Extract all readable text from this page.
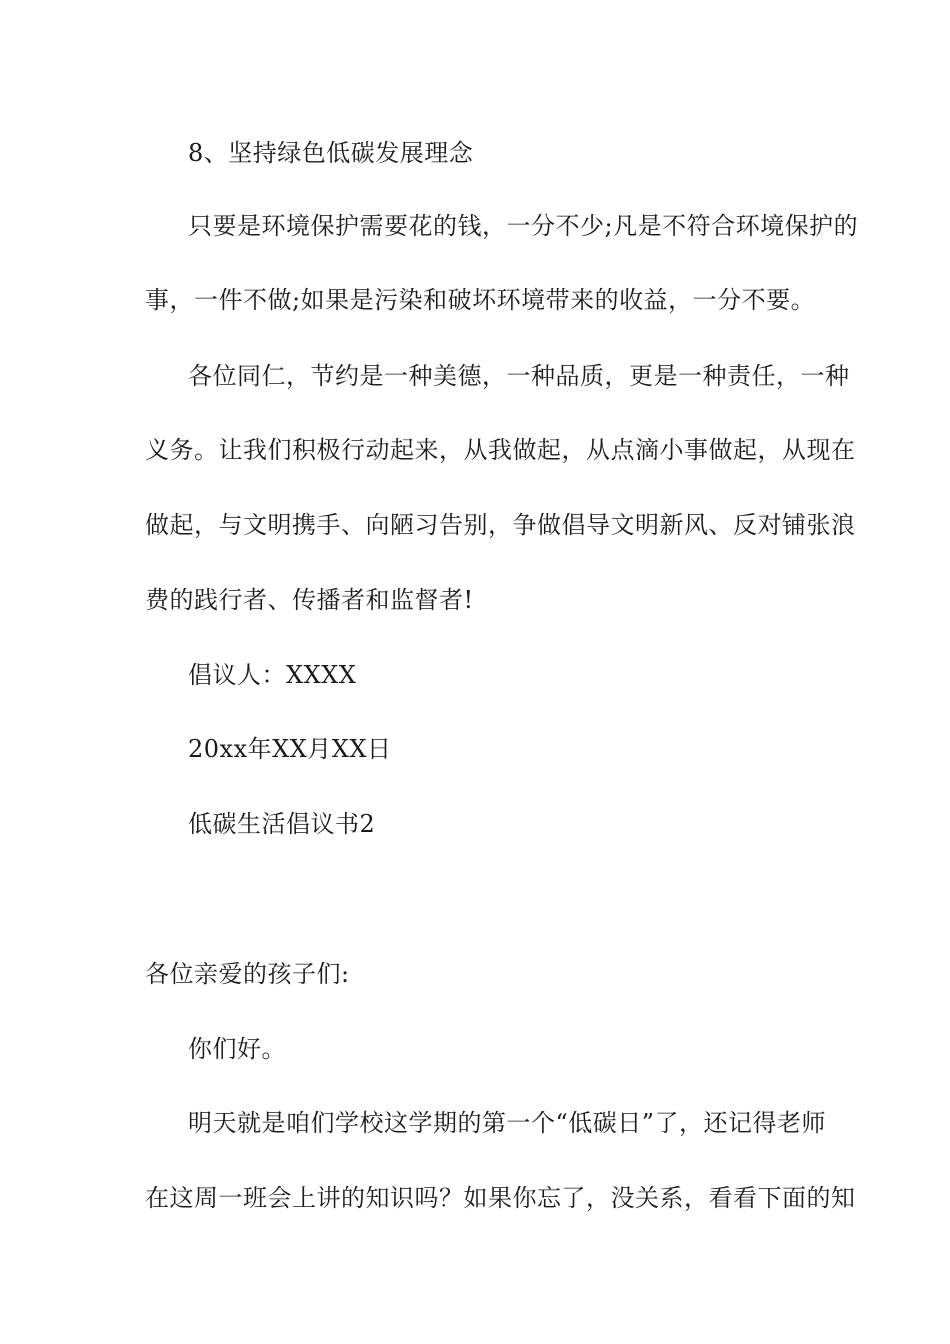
8、坚持绿色低碳发展理念
只要是环境保护需要花的钱，一分不少;凡是不符合环境保护的
事，一件不做;如果是污染和破坏环境带来的收益，一分不要。
各位同仁，节约是一种美德，一种品质，更是一种责任，一种
义务。让我们积极行动起来，从我做起，从点滴小事做起，从现在
做起，与文明携手、向陋习告别，争做倡导文明新风、反对铺张浪
费的践行者、传播者和监督者!
倡议人：XXXX
20xx年XX月XX日
低碳生活倡议书2
各位亲爱的孩子们:
你们好。
明天就是咱们学校这学期的第一个“低碳日”了，还记得老师
在这周一班会上讲的知识吗？如果你忘了，没关系，看看下面的知
